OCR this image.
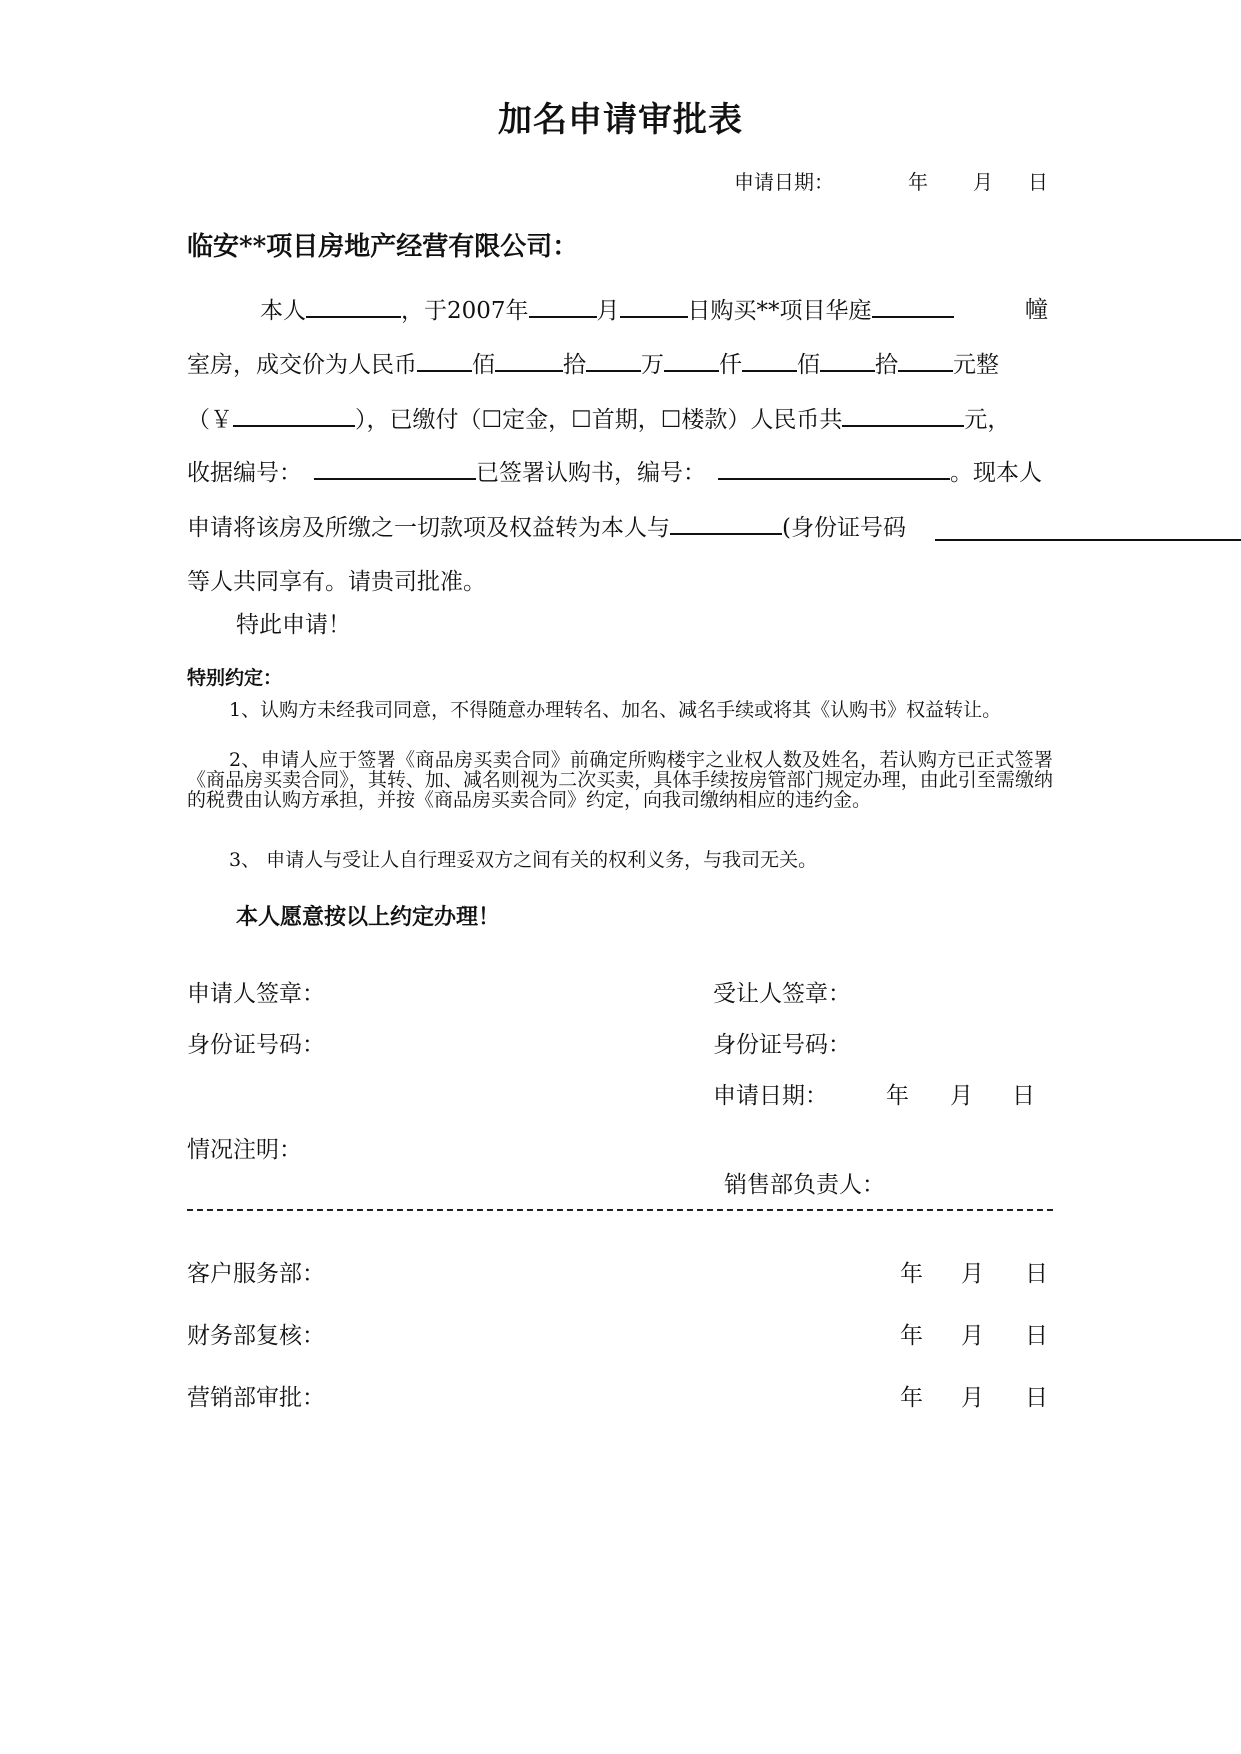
加名申请审批表
申请日期：	年 月 日
临安**项目房地产经营有限公司：
本人	，于2007年	月	日购买**项目华庭	幢
室房，成交价为人民币 佰	拾 万 仟 佰 拾 元整
（￥	），已缴付（☐定金，☐首期，☐楼款）人民币共	元，
收据编号：	已签署认购书，编号：	。现本人
申请将该房及所缴之一切款项及权益转为本人与	(身份证号码
等人共同享有。请贵司批准。
特此申请！
特别约定：
1、认购方未经我司同意，不得随意办理转名、加名、减名手续或将其《认购书》权益转让。
2、申请人应于签署《商品房买卖合同》前确定所购楼宇之业权人数及姓名，若认购方已正式签署《商品房买卖合同》，其转、加、减名则视为二次买卖，具体手续按房管部门规定办理，由此引至需缴纳的税费由认购方承担，并按《商品房买卖合同》约定，向我司缴纳相应的违约金。
3、 申请人与受让人自行理妥双方之间有关的权利义务，与我司无关。
本人愿意按以上约定办理！
申请人签章：	受让人签章：
身份证号码：	身份证号码：
申请日期：	年 月 日
情况注明：
销售部负责人：
客户服务部：	年 月 日
财务部复核：	年 月 日
营销部审批：	年 月 日
